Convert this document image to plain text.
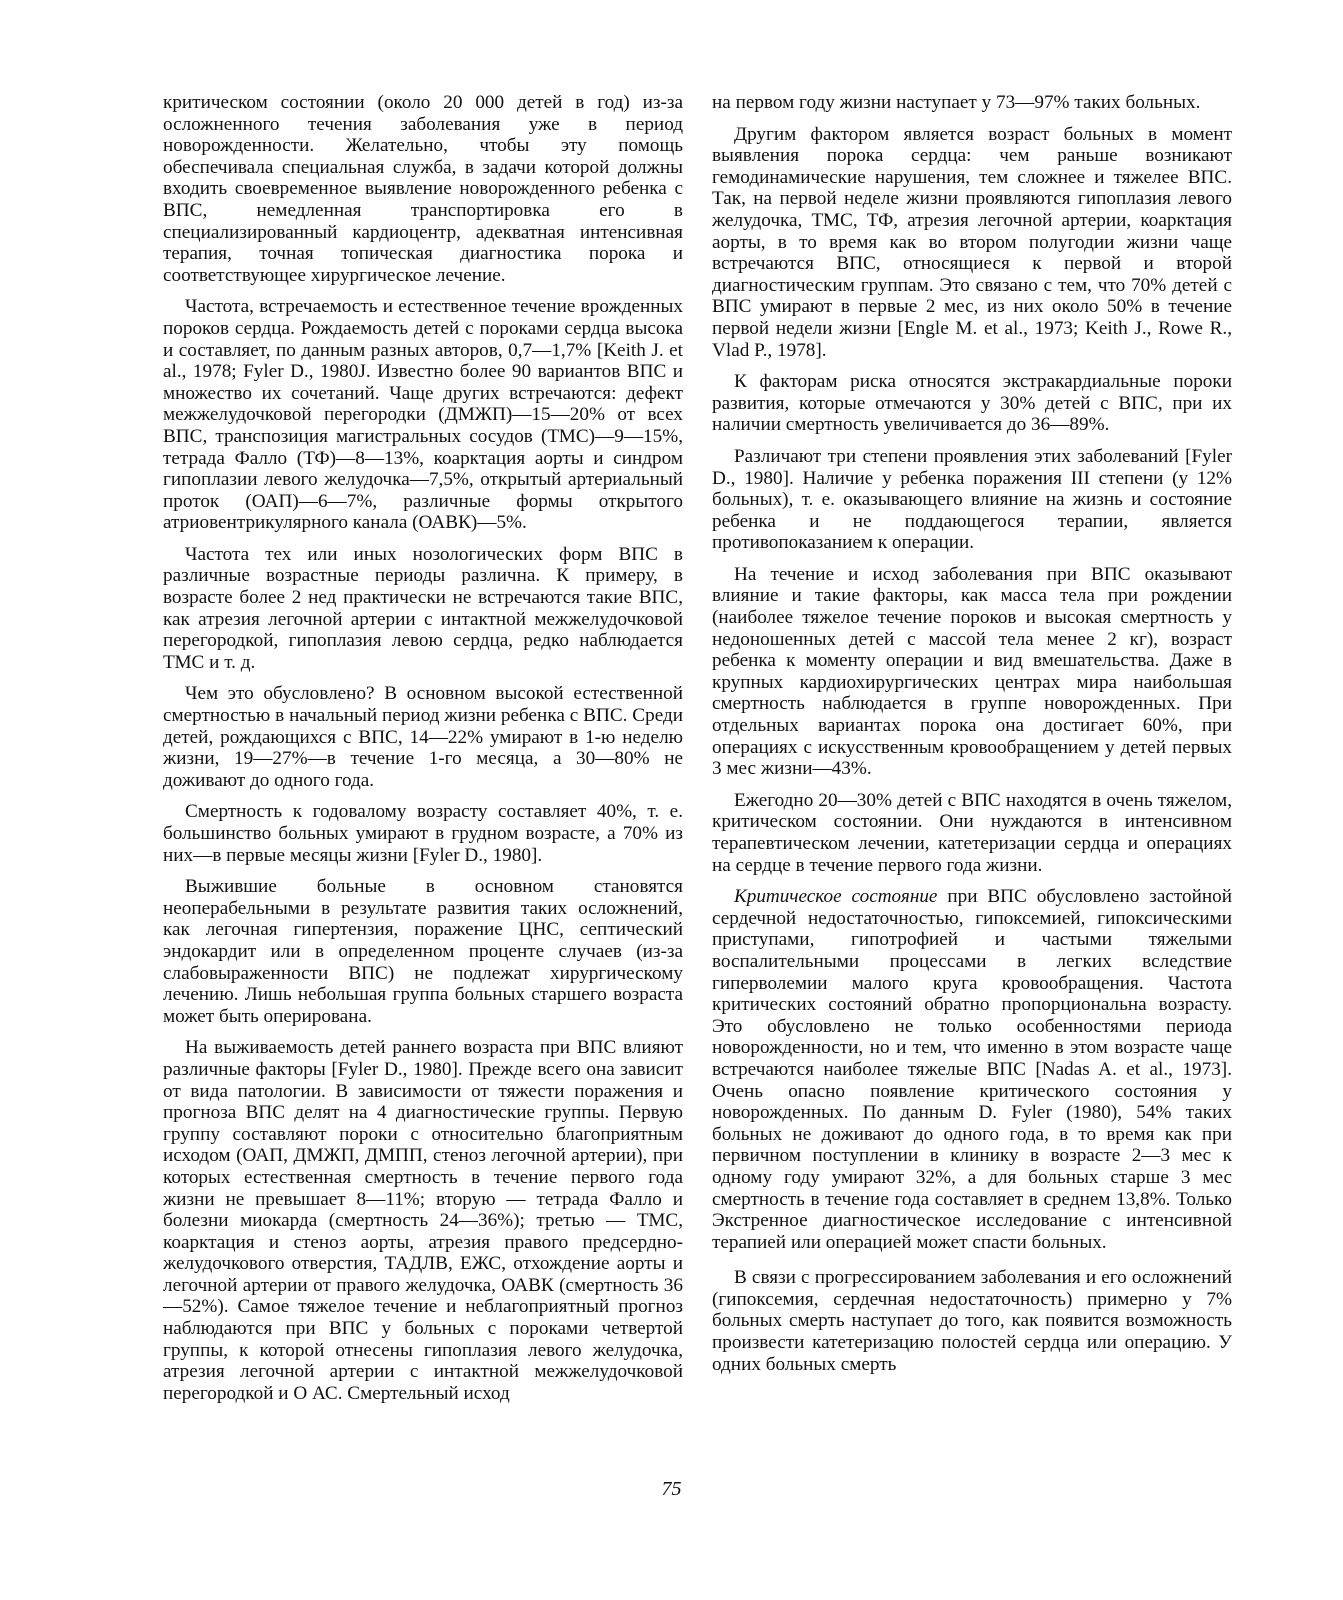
критическом состоянии (около 20 000 детей в год) из-за осложненного течения заболевания уже в период новорожденности. Желательно, чтобы эту помощь обеспечивала специальная служба, в задачи которой должны входить своевременное выявление новорожденного ребенка с ВПС, немедленная транспортировка его в специализированный кардиоцентр, адекватная интенсивная терапия, точная топическая диагностика порока и соответствующее хирургическое лечение.

Частота, встречаемость и естественное течение врожденных пороков сердца. Рождаемость детей с пороками сердца высока и составляет, по данным разных авторов, 0,7—1,7% [Keith J. et al., 1978; Fyler D., 1980J. Известно более 90 вариантов ВПС и множество их сочетаний. Чаще других встречаются: дефект межжелудочковой перегородки (ДМЖП)—15—20% от всех ВПС, транспозиция магистральных сосудов (ТМС)—9—15%, тетрада Фалло (ТФ)—8—13%, коарктация аорты и синдром гипоплазии левого желудочка—7,5%, открытый артериальный проток (ОАП)—6—7%, различные формы открытого атриовентрикулярного канала (ОАВК)—5%.

Частота тех или иных нозологических форм ВПС в различные возрастные периоды различна. К примеру, в возрасте более 2 нед практически не встречаются такие ВПС, как атрезия легочной артерии с интактной межжелудочковой перегородкой, гипоплазия левою сердца, редко наблюдается ТМС и т. д.

Чем это обусловлено? В основном высокой естественной смертностью в начальный период жизни ребенка с ВПС. Среди детей, рождающихся с ВПС, 14—22% умирают в 1-ю неделю жизни, 19—27%—в течение 1-го месяца, а 30—80% не доживают до одного года.

Смертность к годовалому возрасту составляет 40%, т. е. большинство больных умирают в грудном возрасте, а 70% из них—в первые месяцы жизни [Fyler D., 1980].

Выжившие больные в основном становятся неоперабельными в результате развития таких осложнений, как легочная гипертензия, поражение ЦНС, септический эндокардит или в определенном проценте случаев (из-за слабовыраженности ВПС) не подлежат хирургическому лечению. Лишь небольшая группа больных старшего возраста может быть оперирована.

На выживаемость детей раннего возраста при ВПС влияют различные факторы [Fyler D., 1980]. Прежде всего она зависит от вида патологии. В зависимости от тяжести поражения и прогноза ВПС делят на 4 диагностические группы. Первую группу составляют пороки с относительно благоприятным исходом (ОАП, ДМЖП, ДМПП, стеноз легочной артерии), при которых естественная смертность в течение первого года жизни не превышает 8—11%; вторую — тетрада Фалло и болезни миокарда (смертность 24—36%); третью — ТМС, коарктация и стеноз аорты, атрезия правого предсердно-желудочкового отверстия, ТАДЛВ, ЕЖС, отхождение аорты и легочной артерии от правого желудочка, ОАВК (смертность 36—52%). Самое тяжелое течение и неблагоприятный прогноз наблюдаются при ВПС у больных с пороками четвертой группы, к которой отнесены гипоплазия левого желудочка, атрезия легочной артерии с интактной межжелудочковой перегородкой и О АС. Смертельный исход

на первом году жизни наступает у 73—97% таких больных.

Другим фактором является возраст больных в момент выявления порока сердца: чем раньше возникают гемодинамические нарушения, тем сложнее и тяжелее ВПС. Так, на первой неделе жизни проявляются гипоплазия левого желудочка, ТМС, ТФ, атрезия легочной артерии, коарктация аорты, в то время как во втором полугодии жизни чаще встречаются ВПС, относящиеся к первой и второй диагностическим группам. Это связано с тем, что 70% детей с ВПС умирают в первые 2 мес, из них около 50% в течение первой недели жизни [Engle M. et al., 1973; Keith J., Rowe R., Vlad P., 1978].

К факторам риска относятся экстракардиальные пороки развития, которые отмечаются у 30% детей с ВПС, при их наличии смертность увеличивается до 36—89%.

Различают три степени проявления этих заболеваний [Fyler D., 1980]. Наличие у ребенка поражения III степени (у 12% больных), т. е. оказывающего влияние на жизнь и состояние ребенка и не поддающегося терапии, является противопоказанием к операции.

На течение и исход заболевания при ВПС оказывают влияние и такие факторы, как масса тела при рождении (наиболее тяжелое течение пороков и высокая смертность у недоношенных детей с массой тела менее 2 кг), возраст ребенка к моменту операции и вид вмешательства. Даже в крупных кардиохирургических центрах мира наибольшая смертность наблюдается в группе новорожденных. При отдельных вариантах порока она достигает 60%, при операциях с искусственным кровообращением у детей первых 3 мес жизни—43%.

Ежегодно 20—30% детей с ВПС находятся в очень тяжелом, критическом состоянии. Они нуждаются в интенсивном терапевтическом лечении, катетеризации сердца и операциях на сердце в течение первого года жизни.

Критическое состояние при ВПС обусловлено застойной сердечной недостаточностью, гипоксемией, гипоксическими приступами, гипотрофией и частыми тяжелыми воспалительными процессами в легких вследствие гиперволемии малого круга кровообращения. Частота критических состояний обратно пропорциональна возрасту. Это обусловлено не только особенностями периода новорожденности, но и тем, что именно в этом возрасте чаще встречаются наиболее тяжелые ВПС [Nadas A. et al., 1973]. Очень опасно появление критического состояния у новорожденных. По данным D. Fyler (1980), 54% таких больных не доживают до одного года, в то время как при первичном поступлении в клинику в возрасте 2—3 мес к одному году умирают 32%, а для больных старше 3 мес смертность в течение года составляет в среднем 13,8%. Только Экстренное диагностическое исследование с интенсивной терапией или операцией может спасти больных.

В связи с прогрессированием заболевания и его осложнений (гипоксемия, сердечная недостаточность) примерно у 7% больных смерть наступает до того, как появится возможность произвести катетеризацию полостей сердца или операцию. У одних больных смерть

75
